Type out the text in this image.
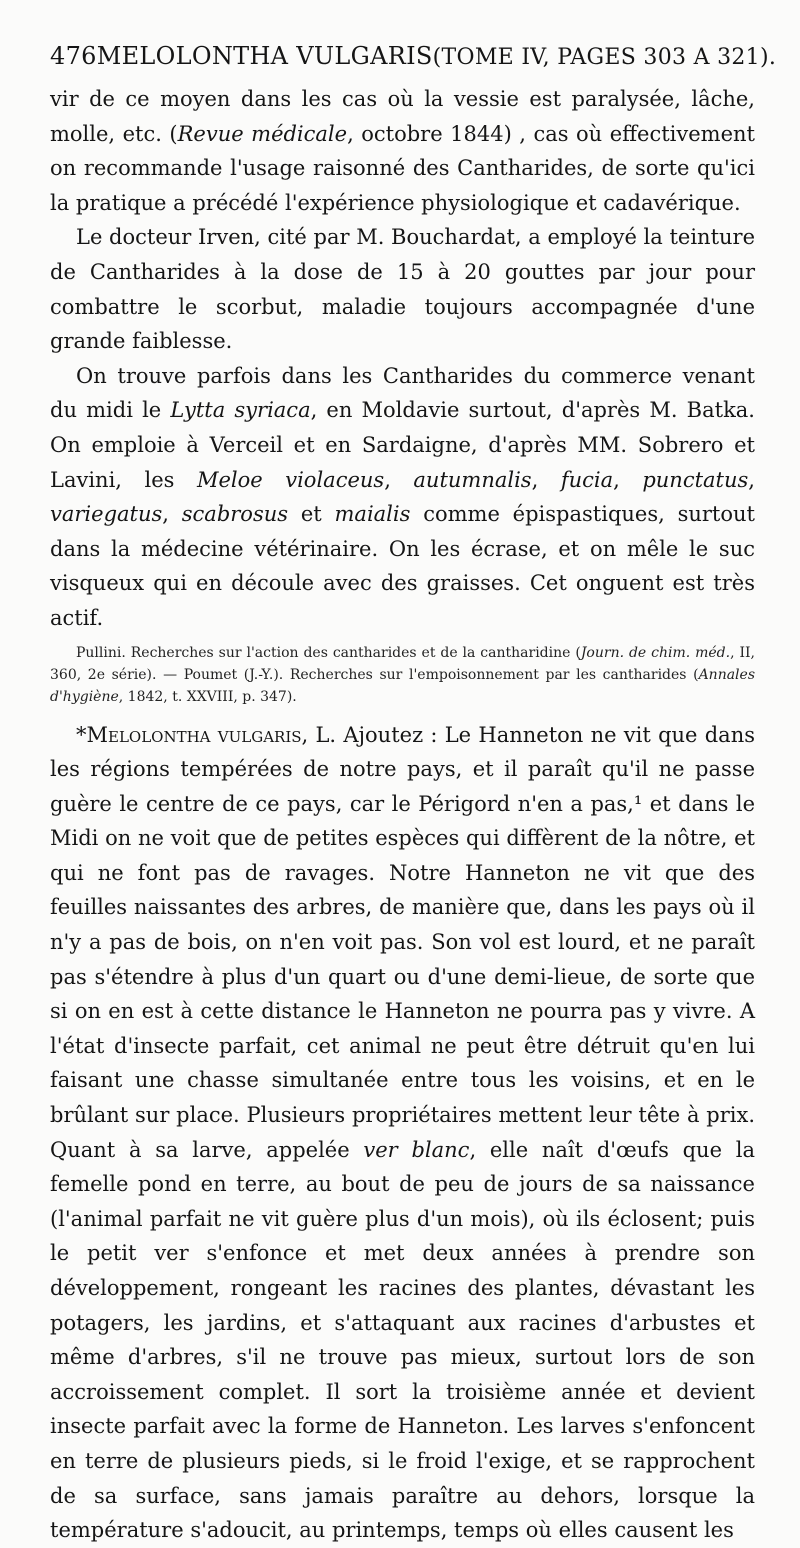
476 MELOLONTHA VULGARIS (TOME IV, PAGES 303 A 321).

vir de ce moyen dans les cas où la vessie est paralysée, lâche, molle, etc. (Revue médicale, octobre 1844) , cas où effectivement on recommande l'usage raisonné des Cantharides, de sorte qu'ici la pratique a précédé l'expérience physiologique et cadavérique.

Le docteur Irven, cité par M. Bouchardat, a employé la teinture de Cantharides à la dose de 15 à 20 gouttes par jour pour combattre le scorbut, maladie toujours accompagnée d'une grande faiblesse.

On trouve parfois dans les Cantharides du commerce venant du midi le Lytta syriaca, en Moldavie surtout, d'après M. Batka. On emploie à Verceil et en Sardaigne, d'après MM. Sobrero et Lavini, les Meloe violaceus, autumnalis, fucia, punctatus, variegatus, scabrosus et maialis comme épispastiques, surtout dans la médecine vétérinaire. On les écrase, et on mêle le suc visqueux qui en découle avec des graisses. Cet onguent est très actif.

Pullini. Recherches sur l'action des cantharides et de la cantharidine (Journ. de chim. méd., II, 360, 2e série). — Poumet (J.-Y.). Recherches sur l'empoisonnement par les cantharides (Annales d'hygiène, 1842, t. XXVIII, p. 347).

*Melolontha vulgaris, L. Ajoutez : Le Hanneton ne vit que dans les régions tempérées de notre pays, et il paraît qu'il ne passe guère le centre de ce pays, car le Périgord n'en a pas,¹ et dans le Midi on ne voit que de petites espèces qui diffèrent de la nôtre, et qui ne font pas de ravages. Notre Hanneton ne vit que des feuilles naissantes des arbres, de manière que, dans les pays où il n'y a pas de bois, on n'en voit pas. Son vol est lourd, et ne paraît pas s'étendre à plus d'un quart ou d'une demi-lieue, de sorte que si on en est à cette distance le Hanneton ne pourra pas y vivre. A l'état d'insecte parfait, cet animal ne peut être détruit qu'en lui faisant une chasse simultanée entre tous les voisins, et en le brûlant sur place. Plusieurs propriétaires mettent leur tête à prix. Quant à sa larve, appelée ver blanc, elle naît d'œufs que la femelle pond en terre, au bout de peu de jours de sa naissance (l'animal parfait ne vit guère plus d'un mois), où ils éclosent; puis le petit ver s'enfonce et met deux années à prendre son développement, rongeant les racines des plantes, dévastant les potagers, les jardins, et s'attaquant aux racines d'arbustes et même d'arbres, s'il ne trouve pas mieux, surtout lors de son accroissement complet. Il sort la troisième année et devient insecte parfait avec la forme de Hanneton. Les larves s'enfoncent en terre de plusieurs pieds, si le froid l'exige, et se rapprochent de sa surface, sans jamais paraître au dehors, lorsque la température s'adoucit, au printemps, temps où elles causent les
